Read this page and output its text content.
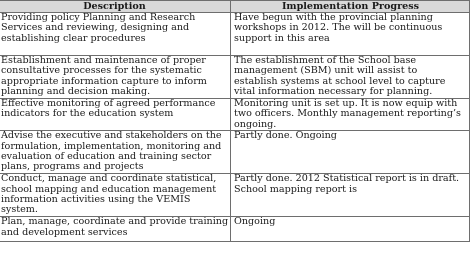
Description	Implementation Progress

Providing policy Planning and Research
Services and reviewing, designing and
establishing clear procedures	Have begun with the provincial planning
workshops in 2012. The will be continuous
support in this area

Establishment and maintenance of proper
consultative processes for the systematic
appropriate information capture to inform
planning and decision making.	The establishment of the School base
management (SBM) unit will assist to
establish systems at school level to capture
vital information necessary for planning.

Effective monitoring of agreed performance
indicators for the education system	Monitoring unit is set up. It is now equip with
two officers. Monthly management reporting’s
ongoing.

Advise the executive and stakeholders on the
formulation, implementation, monitoring and
evaluation of education and training sector
plans, programs and projects	Partly done. Ongoing

Conduct, manage and coordinate statistical,
school mapping and education management
information activities using the VEMIS
system.	Partly done. 2012 Statistical report is in draft.
School mapping report is

Plan, manage, coordinate and provide training
and development services	Ongoing
